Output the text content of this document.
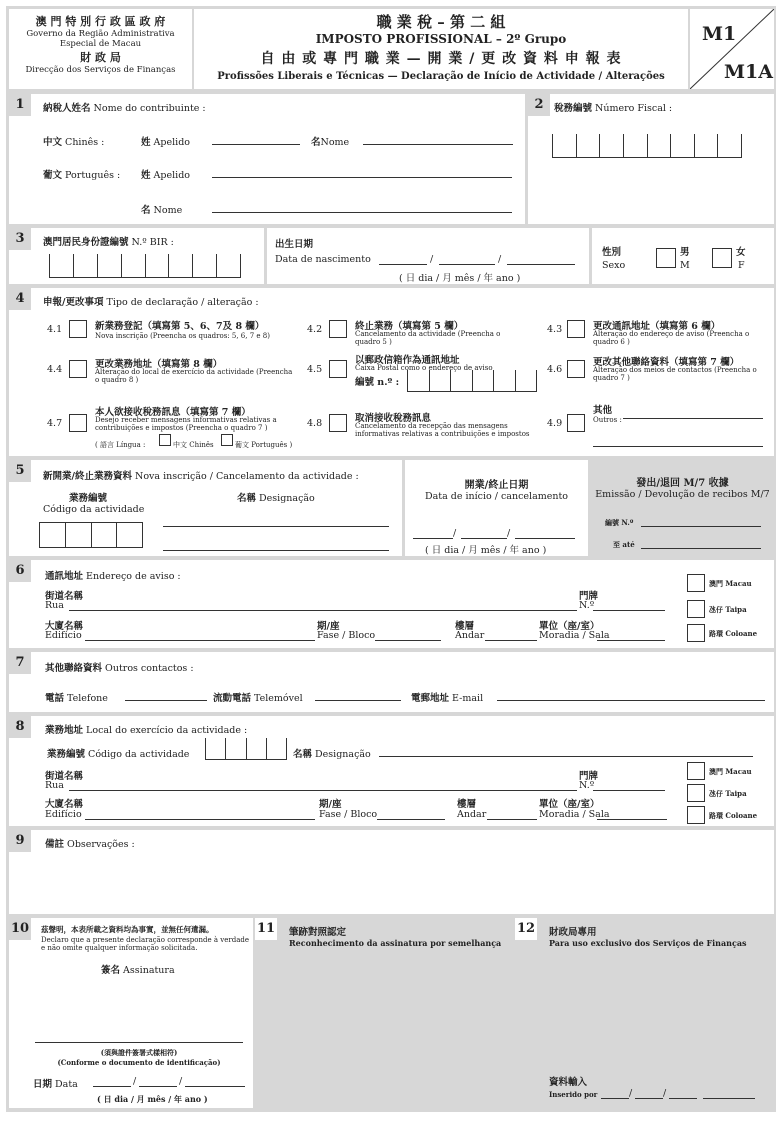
澳 門 特 別 行 政 區 政 府
Governo da Região Administrativa
Especial de Macau
財 政 局
Direcção dos Serviços de Finanças
職 業 稅 – 第 二 組
IMPOSTO PROFISSIONAL – 2º Grupo
自 由 或 專 門 職 業 — 開 業 / 更 改 資 料 申 報 表
Profissões Liberais e Técnicas — Declaração de Início de Actividade / Alterações
M1
M1A
1	納稅人姓名 Nome do contribuinte :
中文 Chinês :	姓 Apelido	名Nome
葡文 Português : 姓 Apelido
名 Nome
2	稅務編號 Número Fiscal :
3	澳門居民身份證編號 N.º BIR :	出生日期
Data de nascimento	/	/
( 日 dia / 月 mês / 年 ano )
性別
Sexo
男
M
女
F
4	申報/更改事項 Tipo de declaração / alteração :
4.1	新業務登記（填寫第 5、6、7及 8 欄）
Nova inscrição (Preencha os quadros: 5, 6, 7 e 8)
4.2	終止業務（填寫第 5 欄）
Cancelamento da actividade (Preencha o quadro 5 )
4.3	更改通訊地址（填寫第 6 欄）
Alteração do endereço de aviso (Preencha o quadro 6 )
4.4	更改業務地址（填寫第 8 欄）
Alteração do local de exercício da actividade (Preencha o quadro 8 )
4.5
以郵政信箱作為通訊地址
Caixa Postal como o endereço de aviso
編號 n.º :
4.6
更改其他聯絡資料（填寫第 7 欄）
Alteração dos meios de contactos (Preencha o quadro 7 )
4.7
本人欲接收稅務訊息（填寫第 7 欄）
Desejo receber mensagens informativas relativas a contribuições e impostos (Preencha o quadro 7 )
( 語言 Língua :	中文 Chinês	葡文 Português )
4.8	取消接收稅務訊息
Cancelamento da recepção das mensagens informativas relativas a contribuições e impostos
4.9
其他
Outros :
5	新開業/終止業務資料 Nova inscrição / Cancelamento da actividade :
業務編號
Código da actividade
名稱 Designação
開業/終止日期
Data de início / cancelamento
/	/
( 日 dia / 月 mês / 年 ano )
發出/退回 M/7 收據
Emissão / Devolução de recibos M/7
編號 N.º
至 até
6	通訊地址 Endereço de aviso :
街道名稱
Rua
門牌
N.º
大廈名稱
Edifício
期/座
Fase / Bloco
樓層
Andar
單位（座/室）
Moradia / Sala
澳門 Macau
氹仔 Taipa
路環 Coloane
7	其他聯絡資料 Outros contactos :
電話 Telefone	流動電話 Telemóvel	電郵地址 E-mail
8	業務地址 Local do exercício da actividade :
業務編號 Código da actividade	名稱 Designação
街道名稱
Rua
門牌
N.º
大廈名稱
Edifício
期/座
Fase / Bloco
樓層
Andar
單位（座/室）
Moradia / Sala
澳門 Macau
氹仔 Taipa
路環 Coloane
9	備註 Observações :
10 茲聲明，本表所載之資料均為事實，並無任何遺漏。
Declaro que a presente declaração corresponde à verdade e não omite qualquer informação solicitada.
簽名 Assinatura
(須與證件簽署式樣相符)
(Conforme o documento de identificação)
日期 Data	/	/
( 日 dia / 月 mês / 年 ano )
11 筆跡對照認定
Reconhecimento da assinatura por semelhança
12 財政局專用
Para uso exclusivo dos Serviços de Finanças
資料輸入
Inserido por	/	/
